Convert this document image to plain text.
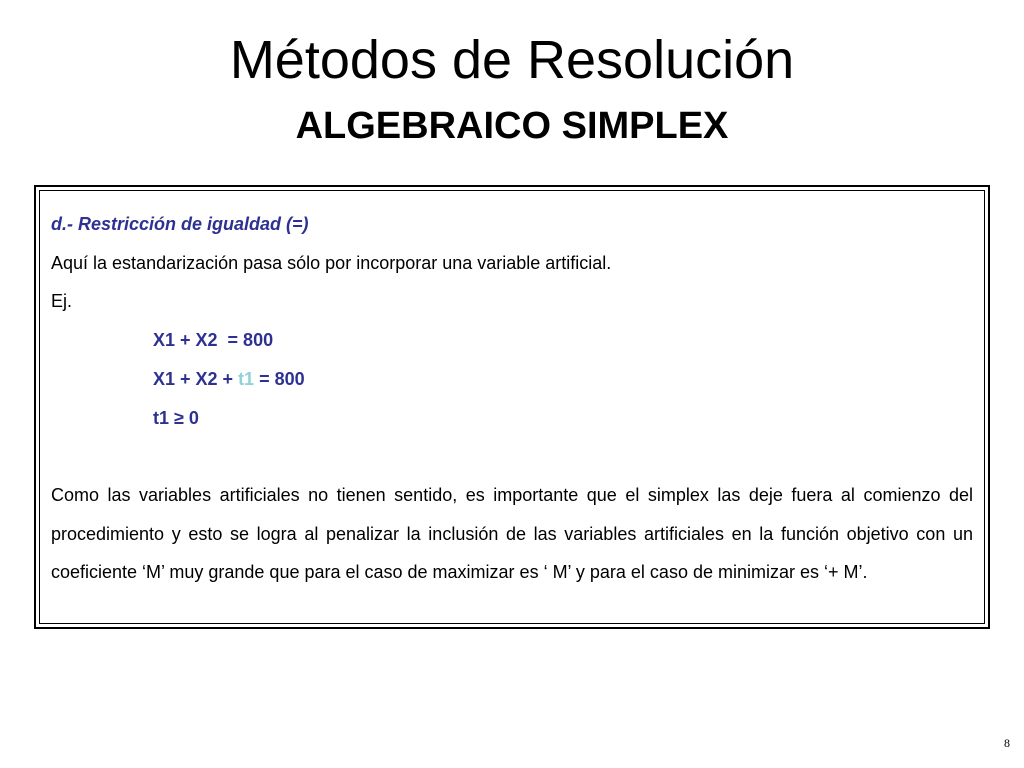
Métodos de Resolución
ALGEBRAICO SIMPLEX
d.- Restricción de igualdad (=)
Aquí la estandarización pasa sólo por incorporar una variable artificial.
Ej.
X1 + X2  = 800
X1 + X2 + t1 = 800
t1 ≥ 0
Como las variables artificiales no tienen sentido, es importante que el simplex las deje fuera al comienzo del procedimiento y esto se logra al penalizar la inclusión de las variables artificiales en la función objetivo con un coeficiente ‘M’ muy grande que para el caso de maximizar es ‘ M’ y para el caso de minimizar es ‘+ M’.
8
